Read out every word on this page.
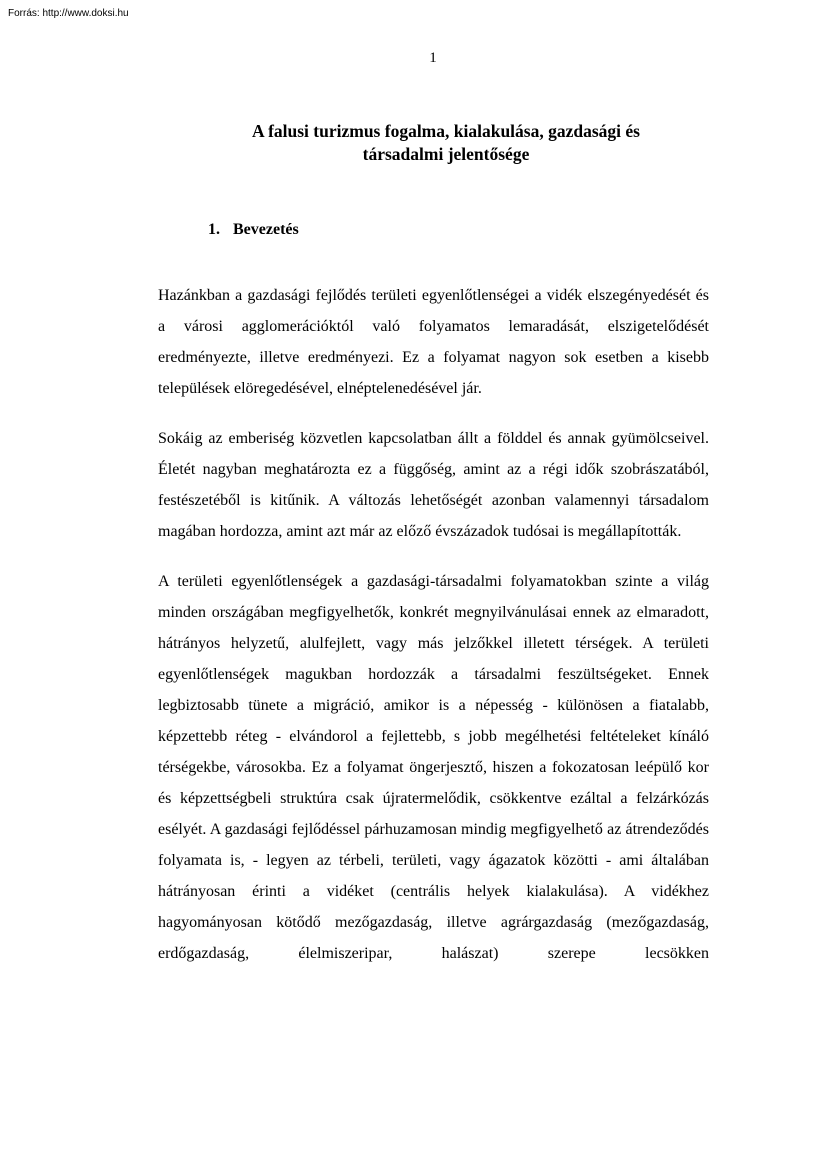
Forrás: http://www.doksi.hu
1
A falusi turizmus fogalma, kialakulása, gazdasági és
társadalmi jelentősége
1. Bevezetés

Hazánkban a gazdasági fejlődés területi egyenlőtlenségei a vidék elszegényedését és a városi agglomerációktól való folyamatos lemaradását, elszigetelődését eredményezte, illetve eredményezi. Ez a folyamat nagyon sok esetben a kisebb települések elöregedésével, elnéptelenedésével jár.

Sokáig az emberiség közvetlen kapcsolatban állt a földdel és annak gyümölcseivel. Életét nagyban meghatározta ez a függőség, amint az a régi idők szobrászatából, festészetéből is kitűnik. A változás lehetőségét azonban valamennyi társadalom magában hordozza, amint azt már az előző évszázadok tudósai is megállapították.

A területi egyenlőtlenségek a gazdasági-társadalmi folyamatokban szinte a világ minden országában megfigyelhetők, konkrét megnyilvánulásai ennek az elmaradott, hátrányos helyzetű, alulfejlett, vagy más jelzőkkel illetett térségek. A területi egyenlőtlenségek magukban hordozzák a társadalmi feszültségeket. Ennek legbiztosabb tünete a migráció, amikor is a népesség - különösen a fiatalabb, képzettebb réteg - elvándorol a fejlettebb, s jobb megélhetési feltételeket kínáló térségekbe, városokba. Ez a folyamat öngerjesztő, hiszen a fokozatosan leépülő kor és képzettségbeli struktúra csak újratermelődik, csökkentve ezáltal a felzárkózás esélyét. A gazdasági fejlődéssel párhuzamosan mindig megfigyelhető az átrendeződés folyamata is, - legyen az térbeli, területi, vagy ágazatok közötti - ami általában hátrányosan érinti a vidéket (centrális helyek kialakulása). A vidékhez hagyományosan kötődő mezőgazdaság, illetve agrárgazdaság (mezőgazdaság, erdőgazdaság, élelmiszeripar, halászat) szerepe lecsökken
